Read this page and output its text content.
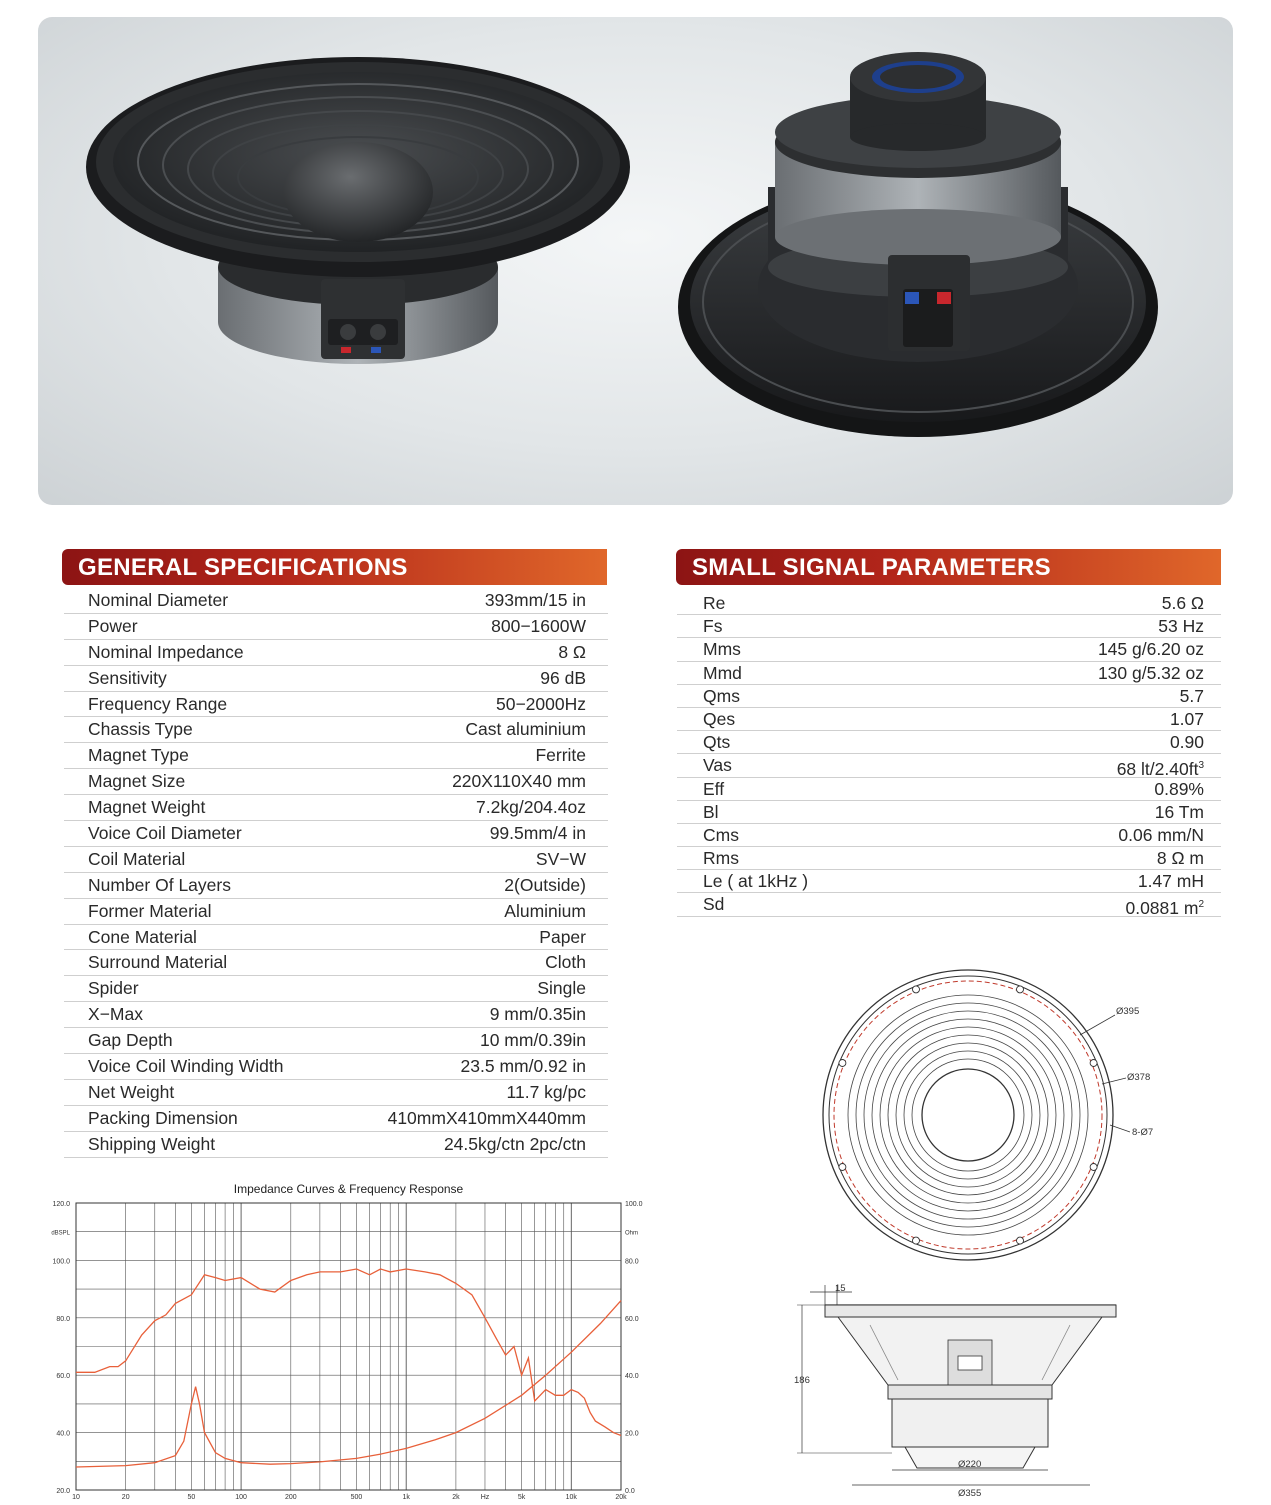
GENERAL SPECIFICATIONS
Nominal Diameter	393mm/15 in
Power	800−1600W
Nominal Impedance	8 Ω
Sensitivity	96 dB
Frequency Range	50−2000Hz
Chassis Type	Cast aluminium
Magnet Type	Ferrite
Magnet Size	220X110X40 mm
Magnet Weight	7.2kg/204.4oz
Voice Coil Diameter	99.5mm/4 in
Coil Material	SV−W
Number Of Layers	2(Outside)
Former Material	Aluminium
Cone Material	Paper
Surround Material	Cloth
Spider	Single
X−Max	9 mm/0.35in
Gap Depth	10 mm/0.39in
Voice Coil Winding Width	23.5 mm/0.92 in
Net Weight	11.7 kg/pc
Packing Dimension	410mmX410mmX440mm
Shipping Weight	24.5kg/ctn 2pc/ctn
SMALL SIGNAL PARAMETERS
Re	5.6 Ω
Fs	53 Hz
Mms	145 g/6.20 oz
Mmd	130 g/5.32 oz
Qms	5.7
Qes	1.07
Qts	0.90
Vas	68 $lt/2.40ft^3$
Eff	0.89%
Bl	16 Tm
Cms	0.06 mm/N
Rms	8 Ω m
Le ( at 1kHz )	1.47 mH
Sd	0.0881 $m^2$
Impedance Curves & Frequency Response
20.0
40.0
60.0
80.0
100.0
120.0
0.0
20.0
40.0
60.0
80.0
100.0
dBSPL	Ohm
10	20	50	100	200	500	1k	2k	5k	10k	20k
Hz
Ø395
Ø378
8-Ø7
15
186
Ø220
Ø355
